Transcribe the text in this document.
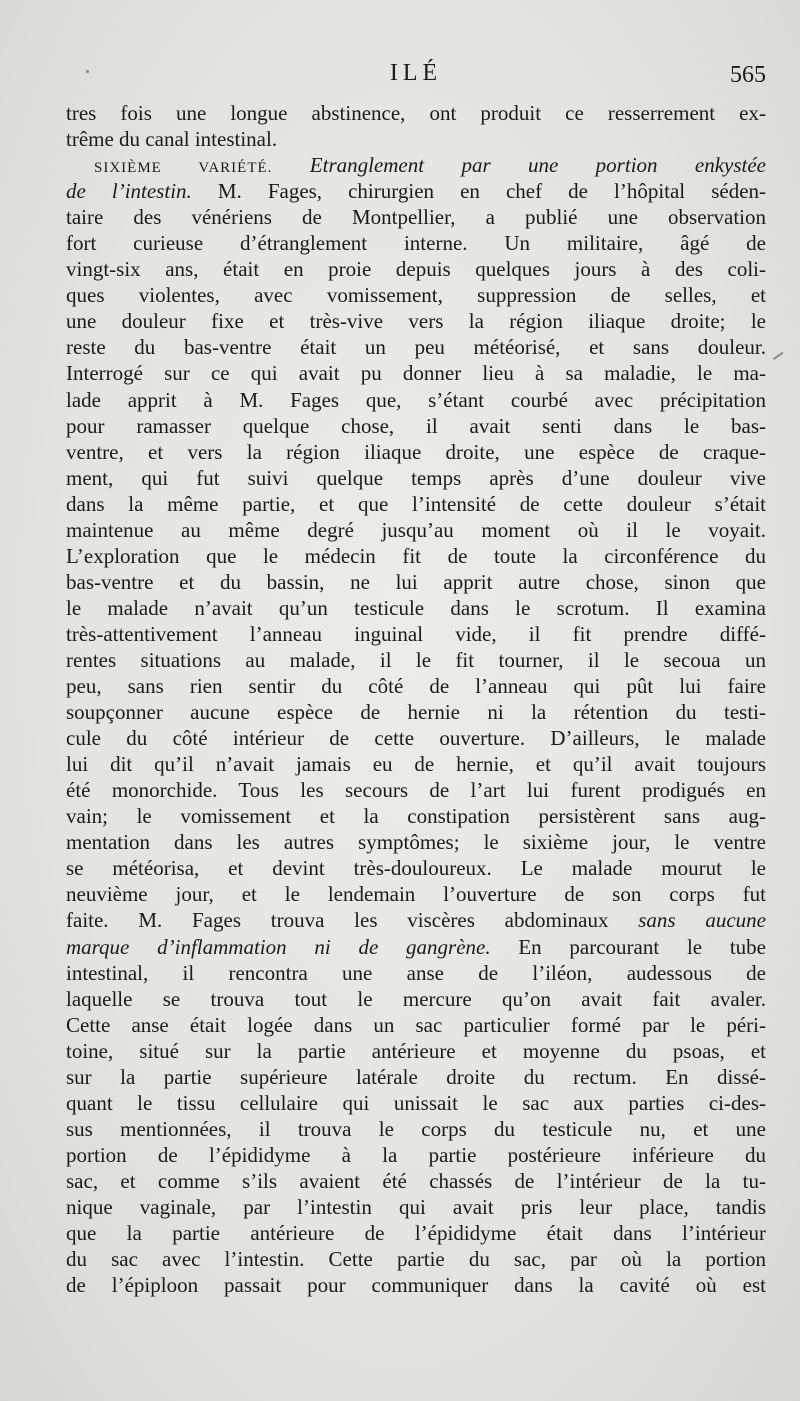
ILÉ	565
tres fois une longue abstinence, ont produit ce resserrement ex-
trême du canal intestinal.
SIXIÈME VARIÉTÉ. Etranglement par une portion enkystée
de l’intestin. M. Fages, chirurgien en chef de l’hôpital séden-
taire des vénériens de Montpellier, a publié une observation
fort curieuse d’étranglement interne. Un militaire, âgé de
vingt-six ans, était en proie depuis quelques jours à des coli-
ques violentes, avec vomissement, suppression de selles, et
une douleur fixe et très-vive vers la région iliaque droite; le
reste du bas-ventre était un peu météorisé, et sans douleur.
Interrogé sur ce qui avait pu donner lieu à sa maladie, le ma-
lade apprit à M. Fages que, s’étant courbé avec précipitation
pour ramasser quelque chose, il avait senti dans le bas-
ventre, et vers la région iliaque droite, une espèce de craque-
ment, qui fut suivi quelque temps après d’une douleur vive
dans la même partie, et que l’intensité de cette douleur s’était
maintenue au même degré jusqu’au moment où il le voyait.
L’exploration que le médecin fit de toute la circonférence du
bas-ventre et du bassin, ne lui apprit autre chose, sinon que
le malade n’avait qu’un testicule dans le scrotum. Il examina
très-attentivement l’anneau inguinal vide, il fit prendre diffé-
rentes situations au malade, il le fit tourner, il le secoua un
peu, sans rien sentir du côté de l’anneau qui pût lui faire
soupçonner aucune espèce de hernie ni la rétention du testi-
cule du côté intérieur de cette ouverture. D’ailleurs, le malade
lui dit qu’il n’avait jamais eu de hernie, et qu’il avait toujours
été monorchide. Tous les secours de l’art lui furent prodigués en
vain; le vomissement et la constipation persistèrent sans aug-
mentation dans les autres symptômes; le sixième jour, le ventre
se météorisa, et devint très-douloureux. Le malade mourut le
neuvième jour, et le lendemain l’ouverture de son corps fut
faite. M. Fages trouva les viscères abdominaux sans aucune
marque d’inflammation ni de gangrène. En parcourant le tube
intestinal, il rencontra une anse de l’iléon, audessous de
laquelle se trouva tout le mercure qu’on avait fait avaler.
Cette anse était logée dans un sac particulier formé par le péri-
toine, situé sur la partie antérieure et moyenne du psoas, et
sur la partie supérieure latérale droite du rectum. En dissé-
quant le tissu cellulaire qui unissait le sac aux parties ci-des-
sus mentionnées, il trouva le corps du testicule nu, et une
portion de l’épididyme à la partie postérieure inférieure du
sac, et comme s’ils avaient été chassés de l’intérieur de la tu-
nique vaginale, par l’intestin qui avait pris leur place, tandis
que la partie antérieure de l’épididyme était dans l’intérieur
du sac avec l’intestin. Cette partie du sac, par où la portion
de l’épiploon passait pour communiquer dans la cavité où est
